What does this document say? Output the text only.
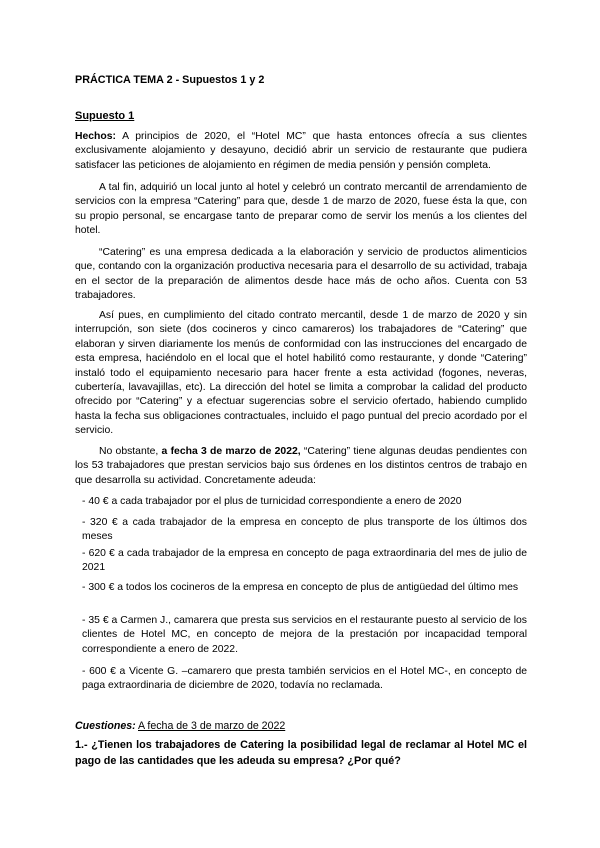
PRÁCTICA TEMA 2 - Supuestos 1 y 2
Supuesto 1

Hechos: A principios de 2020, el “Hotel MC” que hasta entonces ofrecía a sus clientes exclusivamente alojamiento y desayuno, decidió abrir un servicio de restaurante que pudiera satisfacer las peticiones de alojamiento en régimen de media pensión y pensión completa.

A tal fin, adquirió un local junto al hotel y celebró un contrato mercantil de arrendamiento de servicios con la empresa “Catering” para que, desde 1 de marzo de 2020, fuese ésta la que, con su propio personal, se encargase tanto de preparar como de servir los menús a los clientes del hotel.

“Catering” es una empresa dedicada a la elaboración y servicio de productos alimenticios que, contando con la organización productiva necesaria para el desarrollo de su actividad, trabaja en el sector de la preparación de alimentos desde hace más de ocho años. Cuenta con 53 trabajadores.

Así pues, en cumplimiento del citado contrato mercantil, desde 1 de marzo de 2020 y sin interrupción, son siete (dos cocineros y cinco camareros) los trabajadores de “Catering” que elaboran y sirven diariamente los menús de conformidad con las instrucciones del encargado de esta empresa, haciéndolo en el local que el hotel habilitó como restaurante, y donde “Catering” instaló todo el equipamiento necesario para hacer frente a esta actividad (fogones, neveras, cubertería, lavavajillas, etc). La dirección del hotel se limita a comprobar la calidad del producto ofrecido por “Catering” y a efectuar sugerencias sobre el servicio ofertado, habiendo cumplido hasta la fecha sus obligaciones contractuales, incluido el pago puntual del precio acordado por el servicio.

No obstante, a fecha 3 de marzo de 2022, “Catering” tiene algunas deudas pendientes con los 53 trabajadores que prestan servicios bajo sus órdenes en los distintos centros de trabajo en que desarrolla su actividad. Concretamente adeuda:

- 40 € a cada trabajador por el plus de turnicidad correspondiente a enero de 2020

- 320 € a cada trabajador de la empresa en concepto de plus transporte de los últimos dos meses

- 620 € a cada trabajador de la empresa en concepto de paga extraordinaria del mes de julio de 2021

- 300 € a todos los cocineros de la empresa en concepto de plus de antigüedad del último mes

- 35 € a Carmen J., camarera que presta sus servicios en el restaurante puesto al servicio de los clientes de Hotel MC, en concepto de mejora de la prestación por incapacidad temporal correspondiente a enero de 2022.

- 600 € a Vicente G. –camarero que presta también servicios en el Hotel MC-, en concepto de paga extraordinaria de diciembre de 2020, todavía no reclamada.

Cuestiones: A fecha de 3 de marzo de 2022

1.- ¿Tienen los trabajadores de Catering la posibilidad legal de reclamar al Hotel MC el pago de las cantidades que les adeuda su empresa? ¿Por qué?
